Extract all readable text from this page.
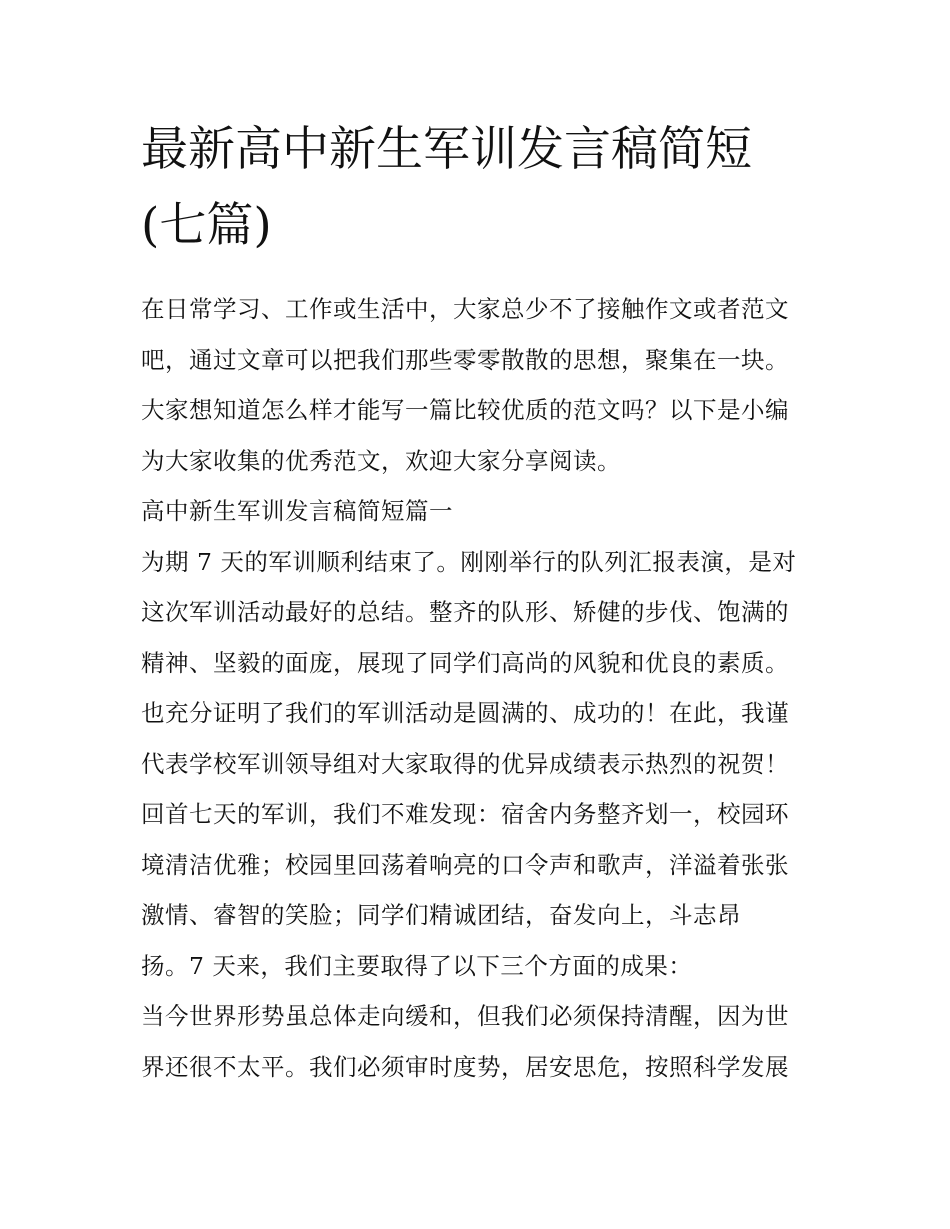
最新高中新生军训发言稿简短
(七篇)
在日常学习、工作或生活中，大家总少不了接触作文或者范文
吧，通过文章可以把我们那些零零散散的思想，聚集在一块。
大家想知道怎么样才能写一篇比较优质的范文吗？以下是小编
为大家收集的优秀范文，欢迎大家分享阅读。
高中新生军训发言稿简短篇一
为期 7 天的军训顺利结束了。刚刚举行的队列汇报表演，是对
这次军训活动最好的总结。整齐的队形、矫健的步伐、饱满的
精神、坚毅的面庞，展现了同学们高尚的风貌和优良的素质。
也充分证明了我们的军训活动是圆满的、成功的！在此，我谨
代表学校军训领导组对大家取得的优异成绩表示热烈的祝贺！
回首七天的军训，我们不难发现：宿舍内务整齐划一，校园环
境清洁优雅；校园里回荡着响亮的口令声和歌声，洋溢着张张
激情、睿智的笑脸；同学们精诚团结，奋发向上，斗志昂
扬。7 天来，我们主要取得了以下三个方面的成果：
当今世界形势虽总体走向缓和，但我们必须保持清醒，因为世
界还很不太平。我们必须审时度势，居安思危，按照科学发展
